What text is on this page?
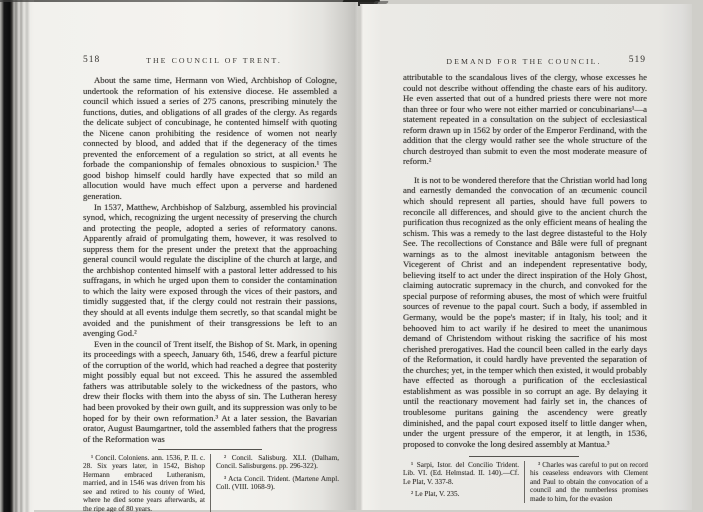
518	THE COUNCIL OF TRENT.

About the same time, Hermann von Wied, Archbishop of Cologne, undertook the reformation of his extensive diocese. He assembled a council which issued a series of 275 canons, prescribing minutely the functions, duties, and obligations of all grades of the clergy. As regards the delicate subject of concubinage, he contented himself with quoting the Nicene canon prohibiting the residence of women not nearly connected by blood, and added that if the degeneracy of the times prevented the enforcement of a regulation so strict, at all events he forbade the companionship of females obnoxious to suspicion.¹ The good bishop himself could hardly have expected that so mild an allocution would have much effect upon a perverse and hardened generation.

In 1537, Matthew, Archbishop of Salzburg, assembled his provincial synod, which, recognizing the urgent necessity of preserving the church and protecting the people, adopted a series of reformatory canons. Apparently afraid of promulgating them, however, it was resolved to suppress them for the present under the pretext that the approaching general council would regulate the discipline of the church at large, and the archbishop contented himself with a pastoral letter addressed to his suffragans, in which he urged upon them to consider the contamination to which the laity were exposed through the vices of their pastors, and timidly suggested that, if the clergy could not restrain their passions, they should at all events indulge them secretly, so that scandal might be avoided and the punishment of their transgressions be left to an avenging God.²

Even in the council of Trent itself, the Bishop of St. Mark, in opening its proceedings with a speech, January 6th, 1546, drew a fearful picture of the corruption of the world, which had reached a degree that posterity might possibly equal but not exceed. This he assured the assembled fathers was attributable solely to the wickedness of the pastors, who drew their flocks with them into the abyss of sin. The Lutheran heresy had been provoked by their own guilt, and its suppression was only to be hoped for by their own reformation.³ At a later session, the Bavarian orator, August Baumgartner, told the assembled fathers that the progress of the Reformation was

¹ Concil. Coloniens. ann. 1536, P. II. c. 28. Six years later, in 1542, Bishop Hermann embraced Lutheranism, married, and in 1546 was driven from his see and retired to his county of Wied, where he died some years afterwards, at the ripe age of 80 years.

² Concil. Salisburg. XLI. (Dalham, Concil. Salisburgens. pp. 296-322).

³ Acta Concil. Trident. (Martene Ampl. Coll. (VIII. 1068-9).

DEMAND FOR THE COUNCIL.	519

attributable to the scandalous lives of the clergy, whose excesses he could not describe without offending the chaste ears of his auditory. He even asserted that out of a hundred priests there were not more than three or four who were not either married or concubinarians¹—a statement repeated in a consultation on the subject of ecclesiastical reform drawn up in 1562 by order of the Emperor Ferdinand, with the addition that the clergy would rather see the whole structure of the church destroyed than submit to even the most moderate measure of reform.²

It is not to be wondered therefore that the Christian world had long and earnestly demanded the convocation of an œcumenic council which should represent all parties, should have full powers to reconcile all differences, and should give to the ancient church the purification thus recognized as the only efficient means of healing the schism. This was a remedy to the last degree distasteful to the Holy See. The recollections of Constance and Bâle were full of pregnant warnings as to the almost inevitable antagonism between the Vicegerent of Christ and an independent representative body, believing itself to act under the direct inspiration of the Holy Ghost, claiming autocratic supremacy in the church, and convoked for the special purpose of reforming abuses, the most of which were fruitful sources of revenue to the papal court. Such a body, if assembled in Germany, would be the pope's master; if in Italy, his tool; and it behooved him to act warily if he desired to meet the unanimous demand of Christendom without risking the sacrifice of his most cherished prerogatives. Had the council been called in the early days of the Reformation, it could hardly have prevented the separation of the churches; yet, in the temper which then existed, it would probably have effected as thorough a purification of the ecclesiastical establishment as was possible in so corrupt an age. By delaying it until the reactionary movement had fairly set in, the chances of troublesome puritans gaining the ascendency were greatly diminished, and the papal court exposed itself to little danger when, under the urgent pressure of the emperor, it at length, in 1536, proposed to convoke the long desired assembly at Mantua.³

¹ Sarpi, Istor. del Concilio Trident. Lib. VI. (Ed. Helmstad. II. 140).—Cf. Le Plat, V. 337-8.

² Le Plat, V. 235.

³ Charles was careful to put on record his ceaseless endeavors with Clement and Paul to obtain the convocation of a council and the numberless promises made to him, for the evasion
